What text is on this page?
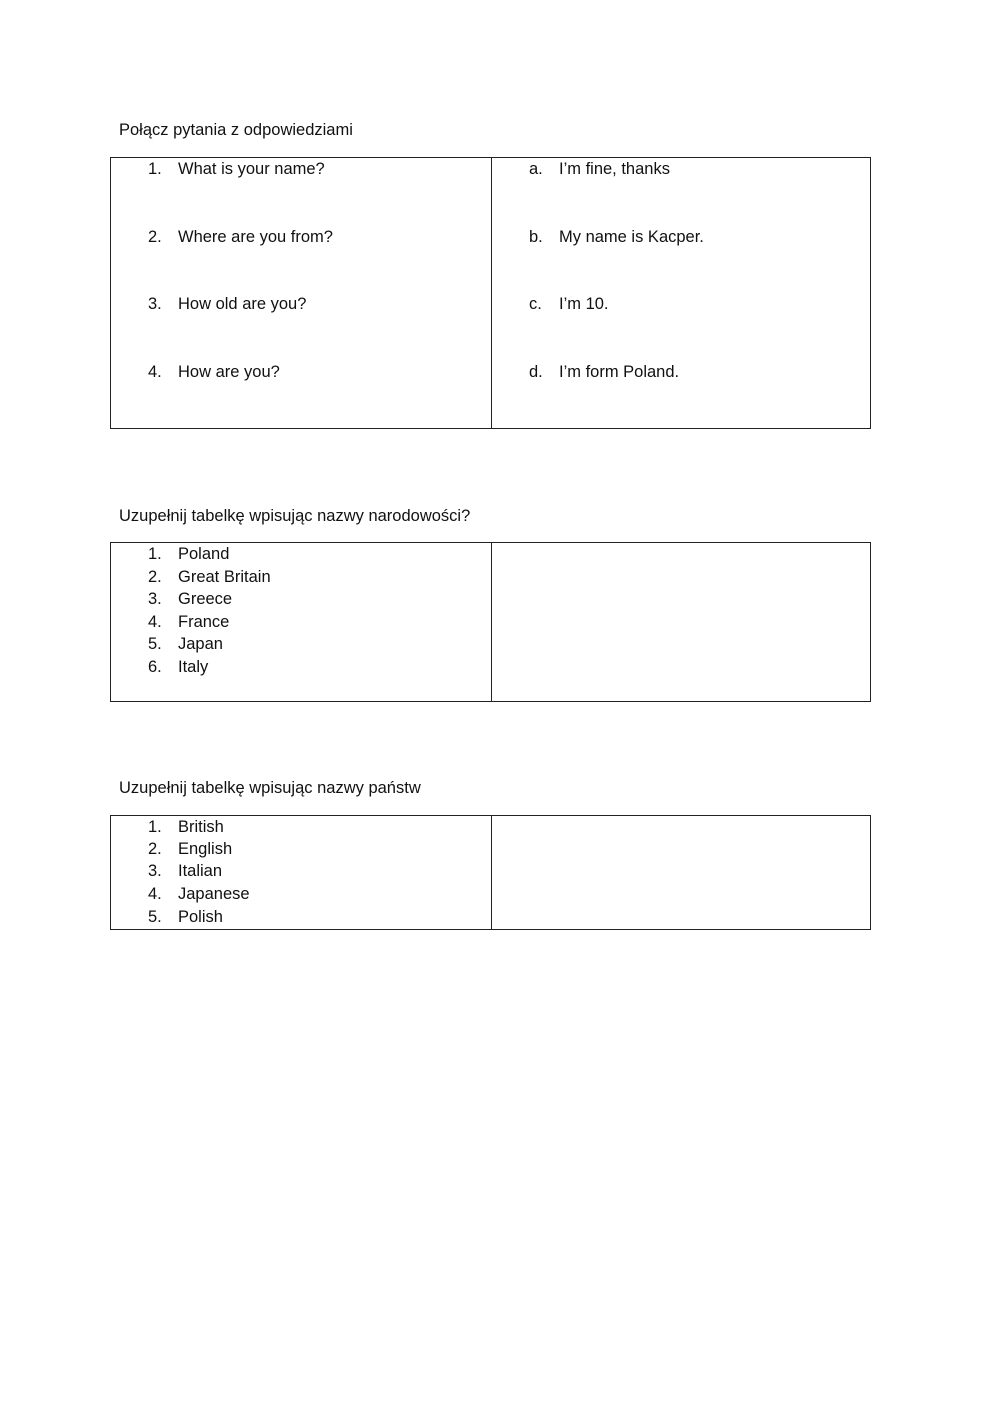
Połącz pytania z odpowiedziami
1. What is your name?
2. Where are you from?
3. How old are you?
4. How are you?
a. I’m fine, thanks
b. My name is Kacper.
c. I’m 10.
d. I’m form Poland.
Uzupełnij tabelkę wpisując nazwy narodowości?
1. Poland
2. Great Britain
3. Greece
4. France
5. Japan
6. Italy
Uzupełnij tabelkę wpisując nazwy państw
1. British
2. English
3. Italian
4. Japanese
5. Polish
